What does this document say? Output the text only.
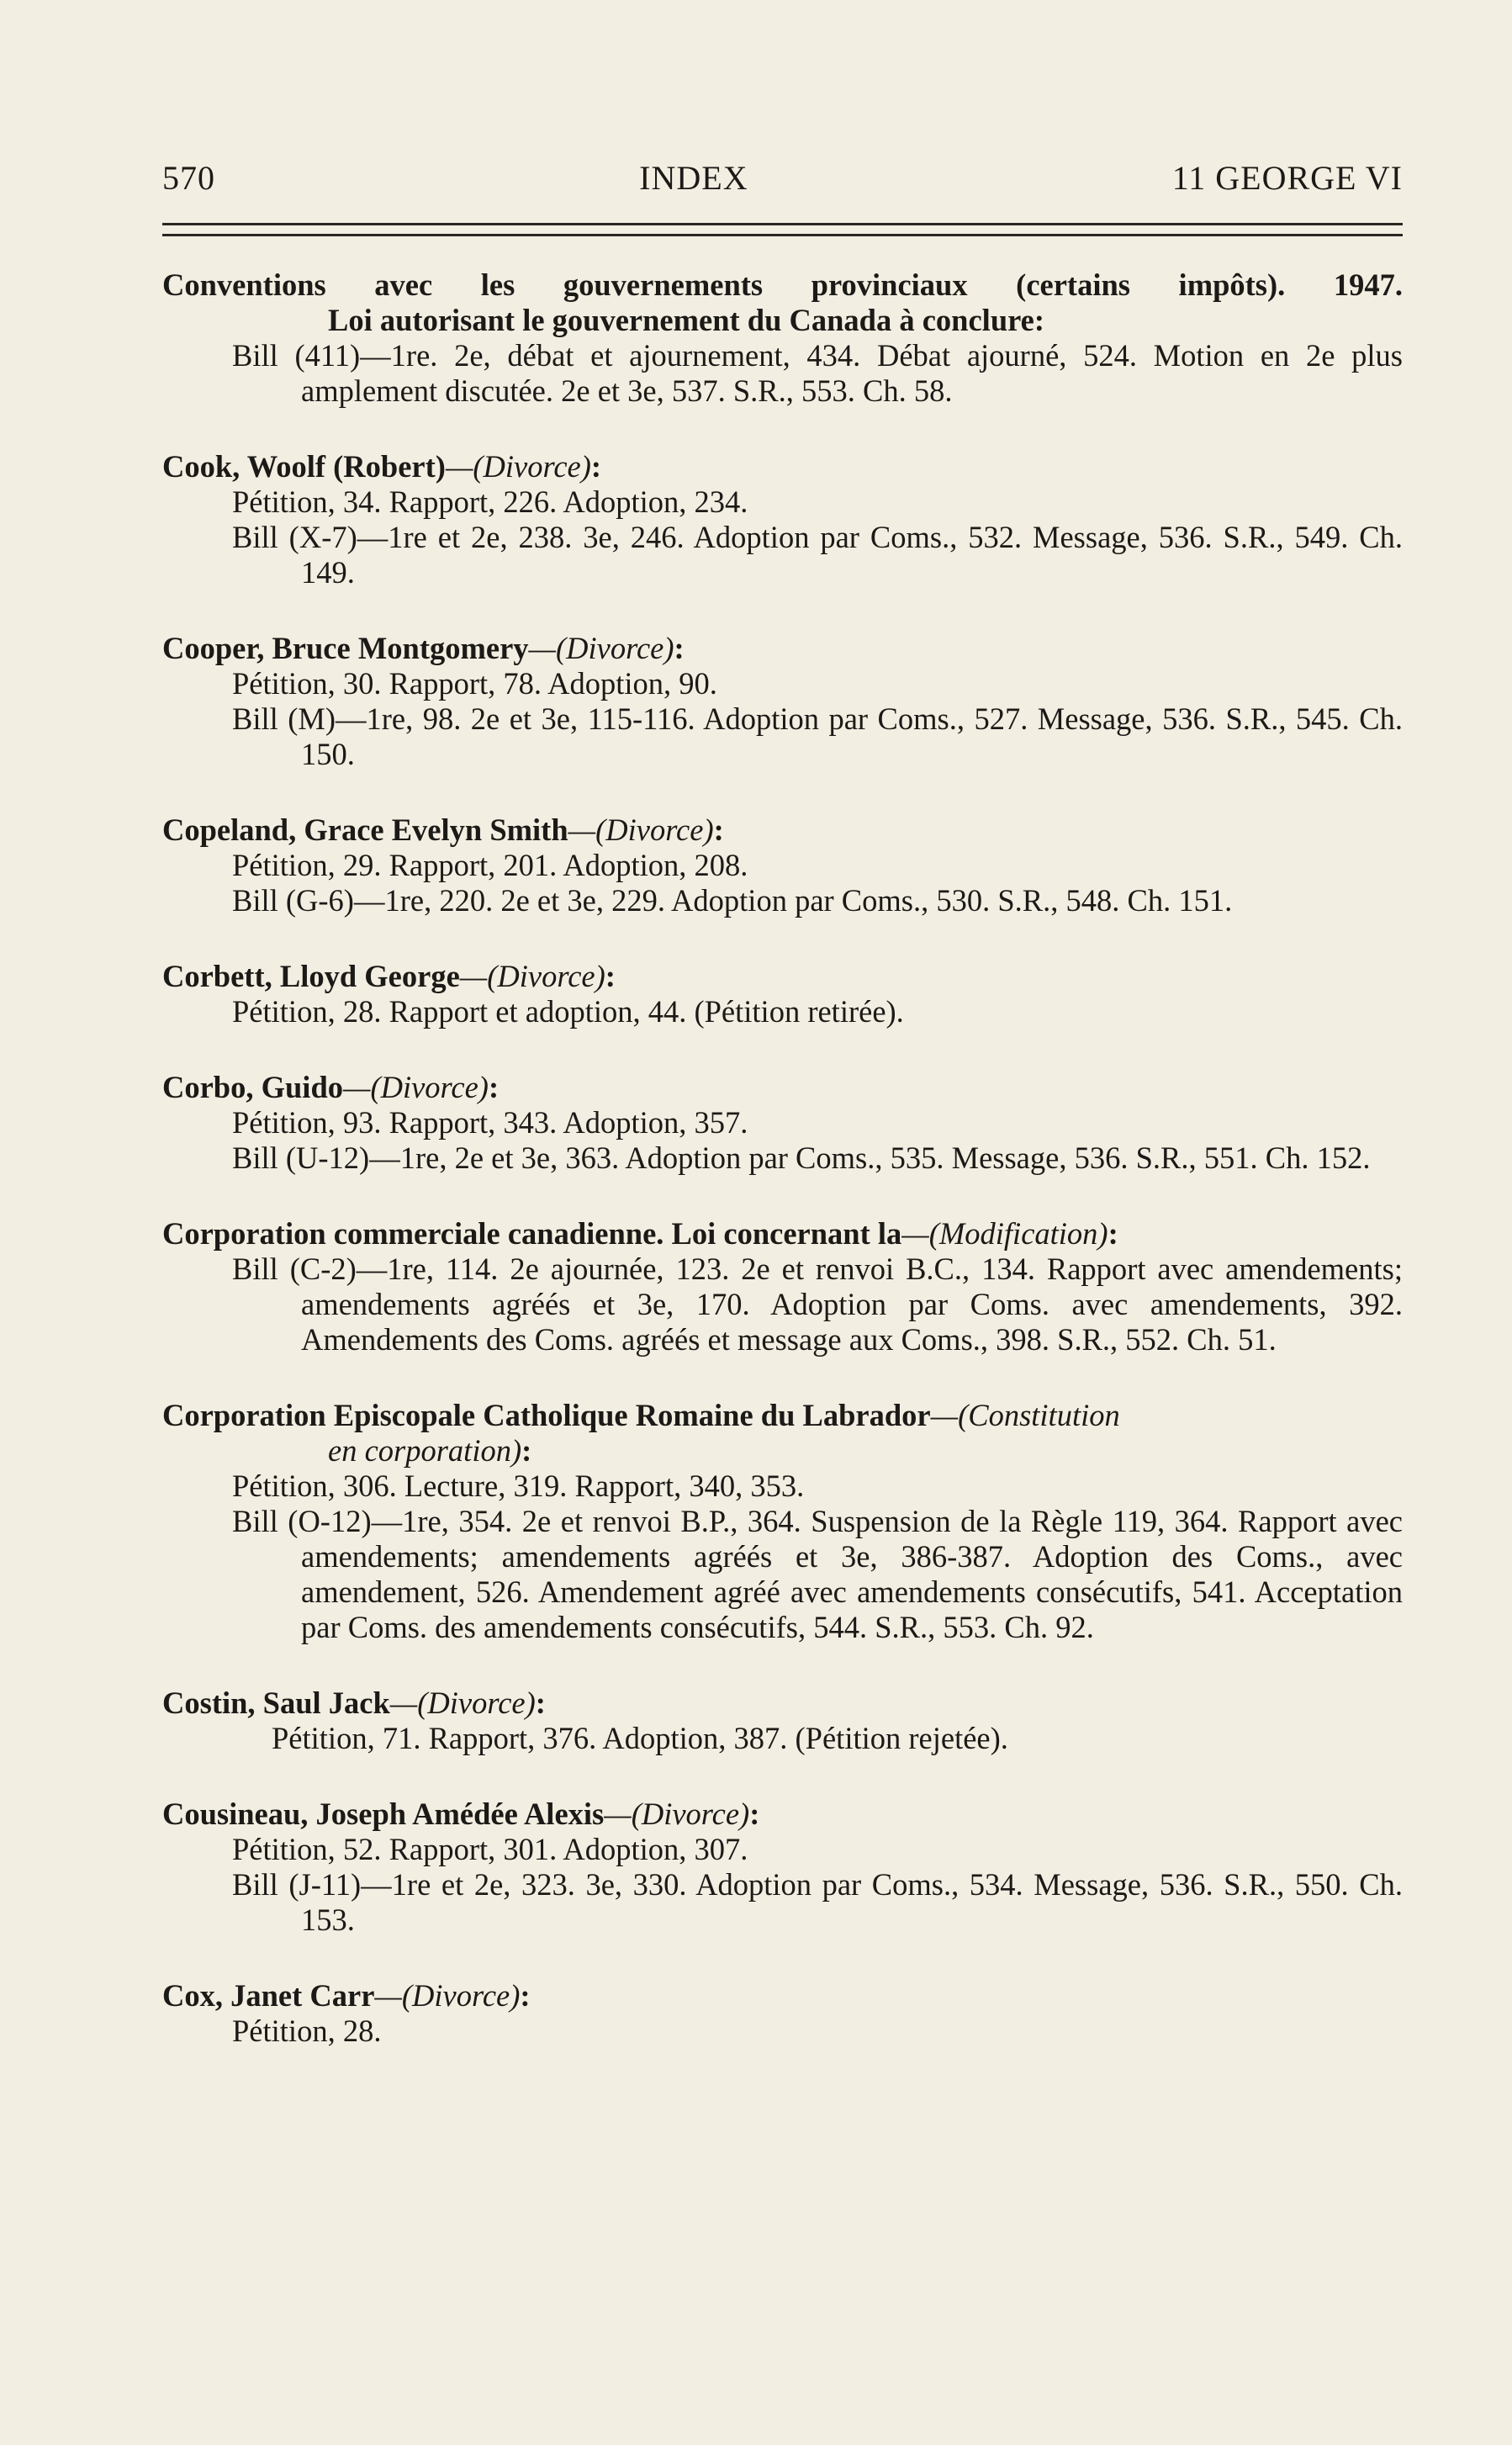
570	INDEX	11 GEORGE VI
Conventions avec les gouvernements provinciaux (certains impôts). 1947.
Loi autorisant le gouvernement du Canada à conclure:
Bill (411)—1re. 2e, débat et ajournement, 434. Débat ajourné, 524. Motion en 2e plus amplement discutée. 2e et 3e, 537. S.R., 553. Ch. 58.
Cook, Woolf (Robert)—(Divorce):
Pétition, 34. Rapport, 226. Adoption, 234.
Bill (X-7)—1re et 2e, 238. 3e, 246. Adoption par Coms., 532. Message, 536. S.R., 549. Ch. 149.
Cooper, Bruce Montgomery—(Divorce):
Pétition, 30. Rapport, 78. Adoption, 90.
Bill (M)—1re, 98. 2e et 3e, 115-116. Adoption par Coms., 527. Message, 536. S.R., 545. Ch. 150.
Copeland, Grace Evelyn Smith—(Divorce):
Pétition, 29. Rapport, 201. Adoption, 208.
Bill (G-6)—1re, 220. 2e et 3e, 229. Adoption par Coms., 530. S.R., 548. Ch. 151.
Corbett, Lloyd George—(Divorce):
Pétition, 28. Rapport et adoption, 44. (Pétition retirée).
Corbo, Guido—(Divorce):
Pétition, 93. Rapport, 343. Adoption, 357.
Bill (U-12)—1re, 2e et 3e, 363. Adoption par Coms., 535. Message, 536. S.R., 551. Ch. 152.
Corporation commerciale canadienne. Loi concernant la—(Modification):
Bill (C-2)—1re, 114. 2e ajournée, 123. 2e et renvoi B.C., 134. Rapport avec amendements; amendements agréés et 3e, 170. Adoption par Coms. avec amendements, 392. Amendements des Coms. agréés et message aux Coms., 398. S.R., 552. Ch. 51.
Corporation Episcopale Catholique Romaine du Labrador—(Constitution
en corporation):
Pétition, 306. Lecture, 319. Rapport, 340, 353.
Bill (O-12)—1re, 354. 2e et renvoi B.P., 364. Suspension de la Règle 119, 364. Rapport avec amendements; amendements agréés et 3e, 386-387. Adoption des Coms., avec amendement, 526. Amendement agréé avec amendements consécutifs, 541. Acceptation par Coms. des amendements consécutifs, 544. S.R., 553. Ch. 92.
Costin, Saul Jack—(Divorce):
Pétition, 71. Rapport, 376. Adoption, 387. (Pétition rejetée).
Cousineau, Joseph Amédée Alexis—(Divorce):
Pétition, 52. Rapport, 301. Adoption, 307.
Bill (J-11)—1re et 2e, 323. 3e, 330. Adoption par Coms., 534. Message, 536. S.R., 550. Ch. 153.
Cox, Janet Carr—(Divorce):
Pétition, 28.
